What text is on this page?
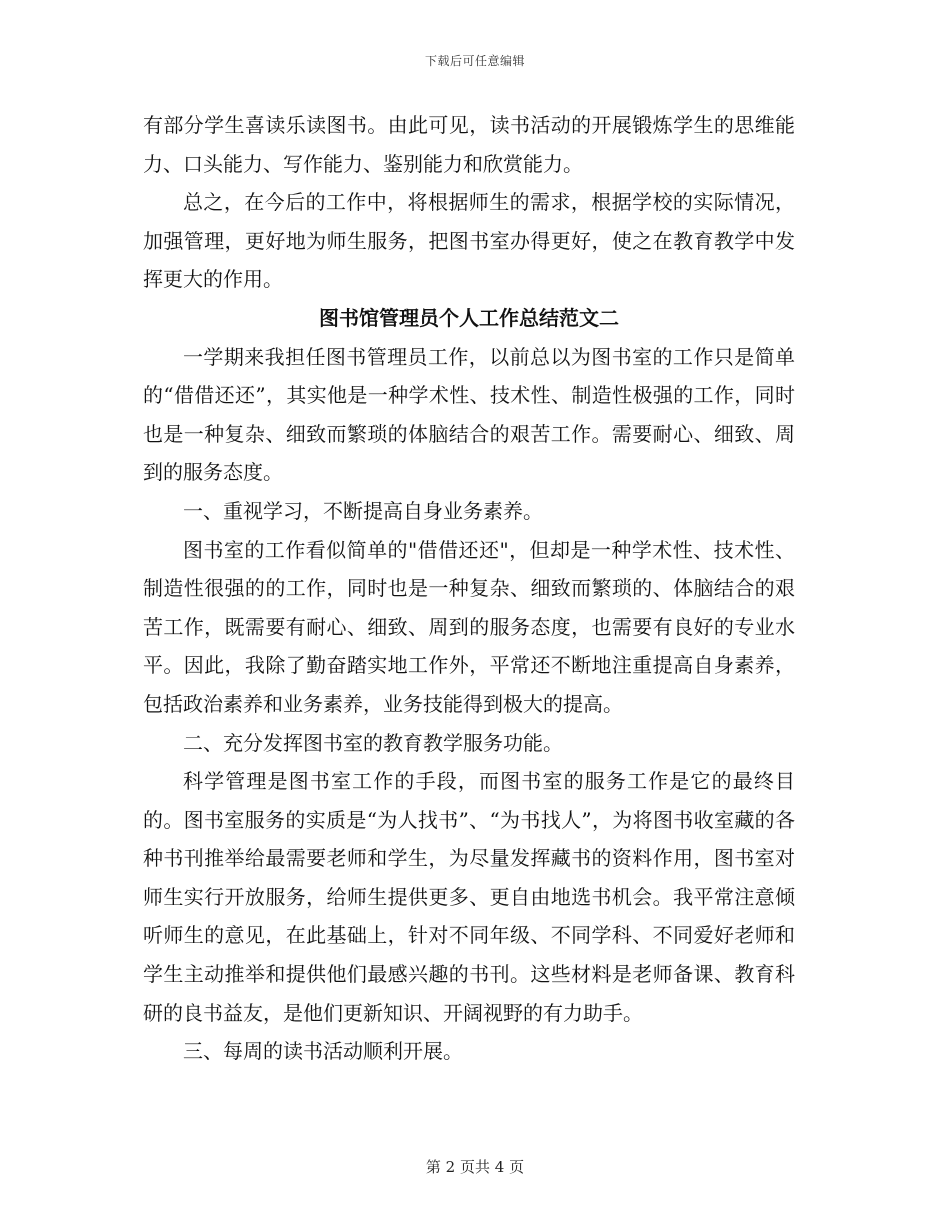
下载后可任意编辑

有部分学生喜读乐读图书。由此可见，读书活动的开展锻炼学生的思维能力、口头能力、写作能力、鉴别能力和欣赏能力。

总之，在今后的工作中，将根据师生的需求，根据学校的实际情况，加强管理，更好地为师生服务，把图书室办得更好，使之在教育教学中发挥更大的作用。

图书馆管理员个人工作总结范文二

一学期来我担任图书管理员工作，以前总以为图书室的工作只是简单的“借借还还”，其实他是一种学术性、技术性、制造性极强的工作，同时也是一种复杂、细致而繁琐的体脑结合的艰苦工作。需要耐心、细致、周到的服务态度。

一、重视学习，不断提高自身业务素养。

图书室的工作看似简单的"借借还还"，但却是一种学术性、技术性、制造性很强的的工作，同时也是一种复杂、细致而繁琐的、体脑结合的艰苦工作，既需要有耐心、细致、周到的服务态度，也需要有良好的专业水平。因此，我除了勤奋踏实地工作外，平常还不断地注重提高自身素养，包括政治素养和业务素养，业务技能得到极大的提高。

二、充分发挥图书室的教育教学服务功能。

科学管理是图书室工作的手段，而图书室的服务工作是它的最终目的。图书室服务的实质是“为人找书”、“为书找人”，为将图书收室藏的各种书刊推举给最需要老师和学生，为尽量发挥藏书的资料作用，图书室对师生实行开放服务，给师生提供更多、更自由地选书机会。我平常注意倾听师生的意见，在此基础上，针对不同年级、不同学科、不同爱好老师和学生主动推举和提供他们最感兴趣的书刊。这些材料是老师备课、教育科研的良书益友，是他们更新知识、开阔视野的有力助手。

三、每周的读书活动顺利开展。

第 2 页共 4 页
